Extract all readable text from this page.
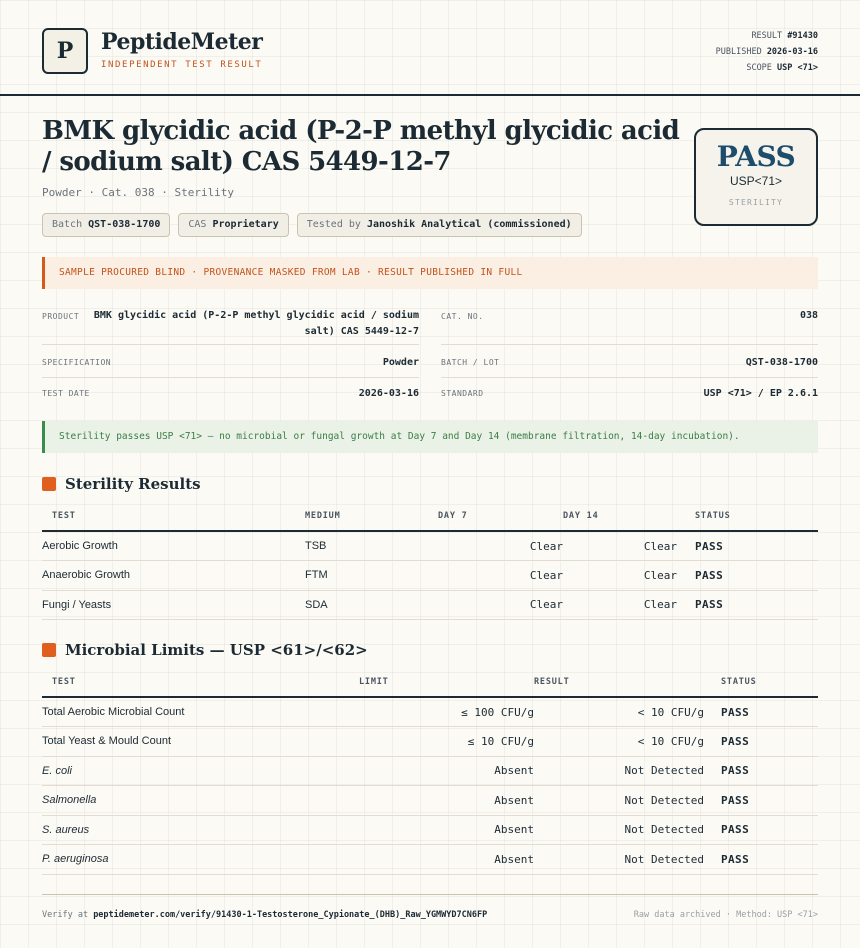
P PeptideMeter
INDEPENDENT TEST RESULT
RESULT #91430
PUBLISHED 2026-03-16
SCOPE USP <71>
BMK glycidic acid (P-2-P methyl glycidic acid / sodium salt) CAS 5449-12-7
Powder · Cat. 038 · Sterility
Batch QST-038-1700	CAS Proprietary	Tested by Janoshik Analytical (commissioned)
PASS
USP<71>
STERILITY
SAMPLE PROCURED BLIND · PROVENANCE MASKED FROM LAB · RESULT PUBLISHED IN FULL
PRODUCT	BMK glycidic acid (P-2-P methyl glycidic acid / sodium salt) CAS 5449-12-7
CAT. NO.	038
SPECIFICATION	Powder	BATCH / LOT	QST-038-1700
TEST DATE	2026-03-16	STANDARD	USP <71> / EP 2.6.1
Sterility passes USP <71> — no microbial or fungal growth at Day 7 and Day 14 (membrane filtration, 14-day incubation).
Sterility Results
TEST	MEDIUM	DAY 7	DAY 14	STATUS
Aerobic Growth	TSB	Clear	Clear	PASS
Anaerobic Growth	FTM	Clear	Clear	PASS
Fungi / Yeasts	SDA	Clear	Clear	PASS
Microbial Limits — USP <61>/<62>
TEST	LIMIT	RESULT	STATUS
Total Aerobic Microbial Count	≤ 100 CFU/g	< 10 CFU/g	PASS
Total Yeast & Mould Count	≤ 10 CFU/g	< 10 CFU/g	PASS
E. coli	Absent	Not Detected	PASS
Salmonella	Absent	Not Detected	PASS
S. aureus	Absent	Not Detected	PASS
P. aeruginosa	Absent	Not Detected	PASS
Verify at peptidemeter.com/verify/91430-1-Testosterone_Cypionate_(DHB)_Raw_YGMWYD7CN6FP	Raw data archived · Method: USP <71>
